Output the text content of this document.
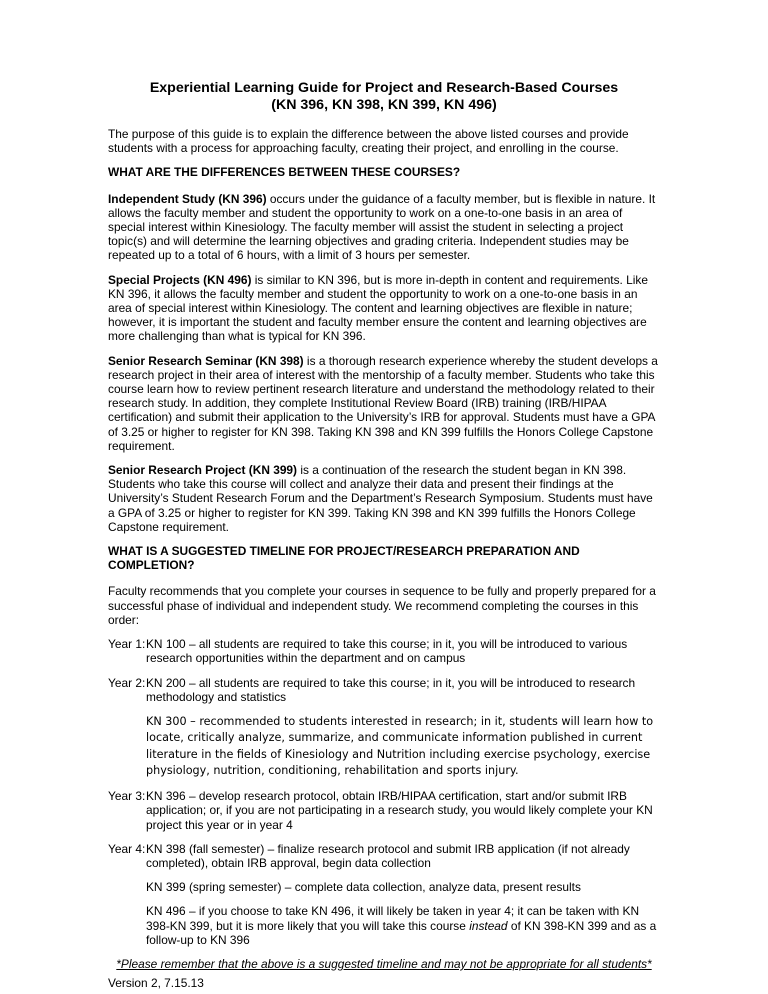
Experiential Learning Guide for Project and Research-Based Courses
(KN 396, KN 398, KN 399, KN 496)

The purpose of this guide is to explain the difference between the above listed courses and provide students with a process for approaching faculty, creating their project, and enrolling in the course.

WHAT ARE THE DIFFERENCES BETWEEN THESE COURSES?

Independent Study (KN 396) occurs under the guidance of a faculty member, but is flexible in nature. It allows the faculty member and student the opportunity to work on a one-to-one basis in an area of special interest within Kinesiology. The faculty member will assist the student in selecting a project topic(s) and will determine the learning objectives and grading criteria. Independent studies may be repeated up to a total of 6 hours, with a limit of 3 hours per semester.

Special Projects (KN 496) is similar to KN 396, but is more in-depth in content and requirements. Like KN 396, it allows the faculty member and student the opportunity to work on a one-to-one basis in an area of special interest within Kinesiology. The content and learning objectives are flexible in nature; however, it is important the student and faculty member ensure the content and learning objectives are more challenging than what is typical for KN 396.

Senior Research Seminar (KN 398) is a thorough research experience whereby the student develops a research project in their area of interest with the mentorship of a faculty member. Students who take this course learn how to review pertinent research literature and understand the methodology related to their research study. In addition, they complete Institutional Review Board (IRB) training (IRB/HIPAA certification) and submit their application to the University’s IRB for approval. Students must have a GPA of 3.25 or higher to register for KN 398. Taking KN 398 and KN 399 fulfills the Honors College Capstone requirement.

Senior Research Project (KN 399) is a continuation of the research the student began in KN 398. Students who take this course will collect and analyze their data and present their findings at the University’s Student Research Forum and the Department’s Research Symposium. Students must have a GPA of 3.25 or higher to register for KN 399. Taking KN 398 and KN 399 fulfills the Honors College Capstone requirement.

WHAT IS A SUGGESTED TIMELINE FOR PROJECT/RESEARCH PREPARATION AND COMPLETION?

Faculty recommends that you complete your courses in sequence to be fully and properly prepared for a successful phase of individual and independent study. We recommend completing the courses in this order:

Year 1: KN 100 – all students are required to take this course; in it, you will be introduced to various research opportunities within the department and on campus
Year 2: KN 200 – all students are required to take this course; in it, you will be introduced to research methodology and statistics

KN 300 – recommended to students interested in research; in it, students will learn how to locate, critically analyze, summarize, and communicate information published in current literature in the fields of Kinesiology and Nutrition including exercise psychology, exercise physiology, nutrition, conditioning, rehabilitation and sports injury.

Year 3: KN 396 – develop research protocol, obtain IRB/HIPAA certification, start and/or submit IRB application; or, if you are not participating in a research study, you would likely complete your KN project this year or in year 4
Year 4: KN 398 (fall semester) – finalize research protocol and submit IRB application (if not already completed), obtain IRB approval, begin data collection

KN 399 (spring semester) – complete data collection, analyze data, present results

KN 496 – if you choose to take KN 496, it will likely be taken in year 4; it can be taken with KN 398-KN 399, but it is more likely that you will take this course instead of KN 398-KN 399 and as a follow-up to KN 396

*Please remember that the above is a suggested timeline and may not be appropriate for all students*
Version 2, 7.15.13
